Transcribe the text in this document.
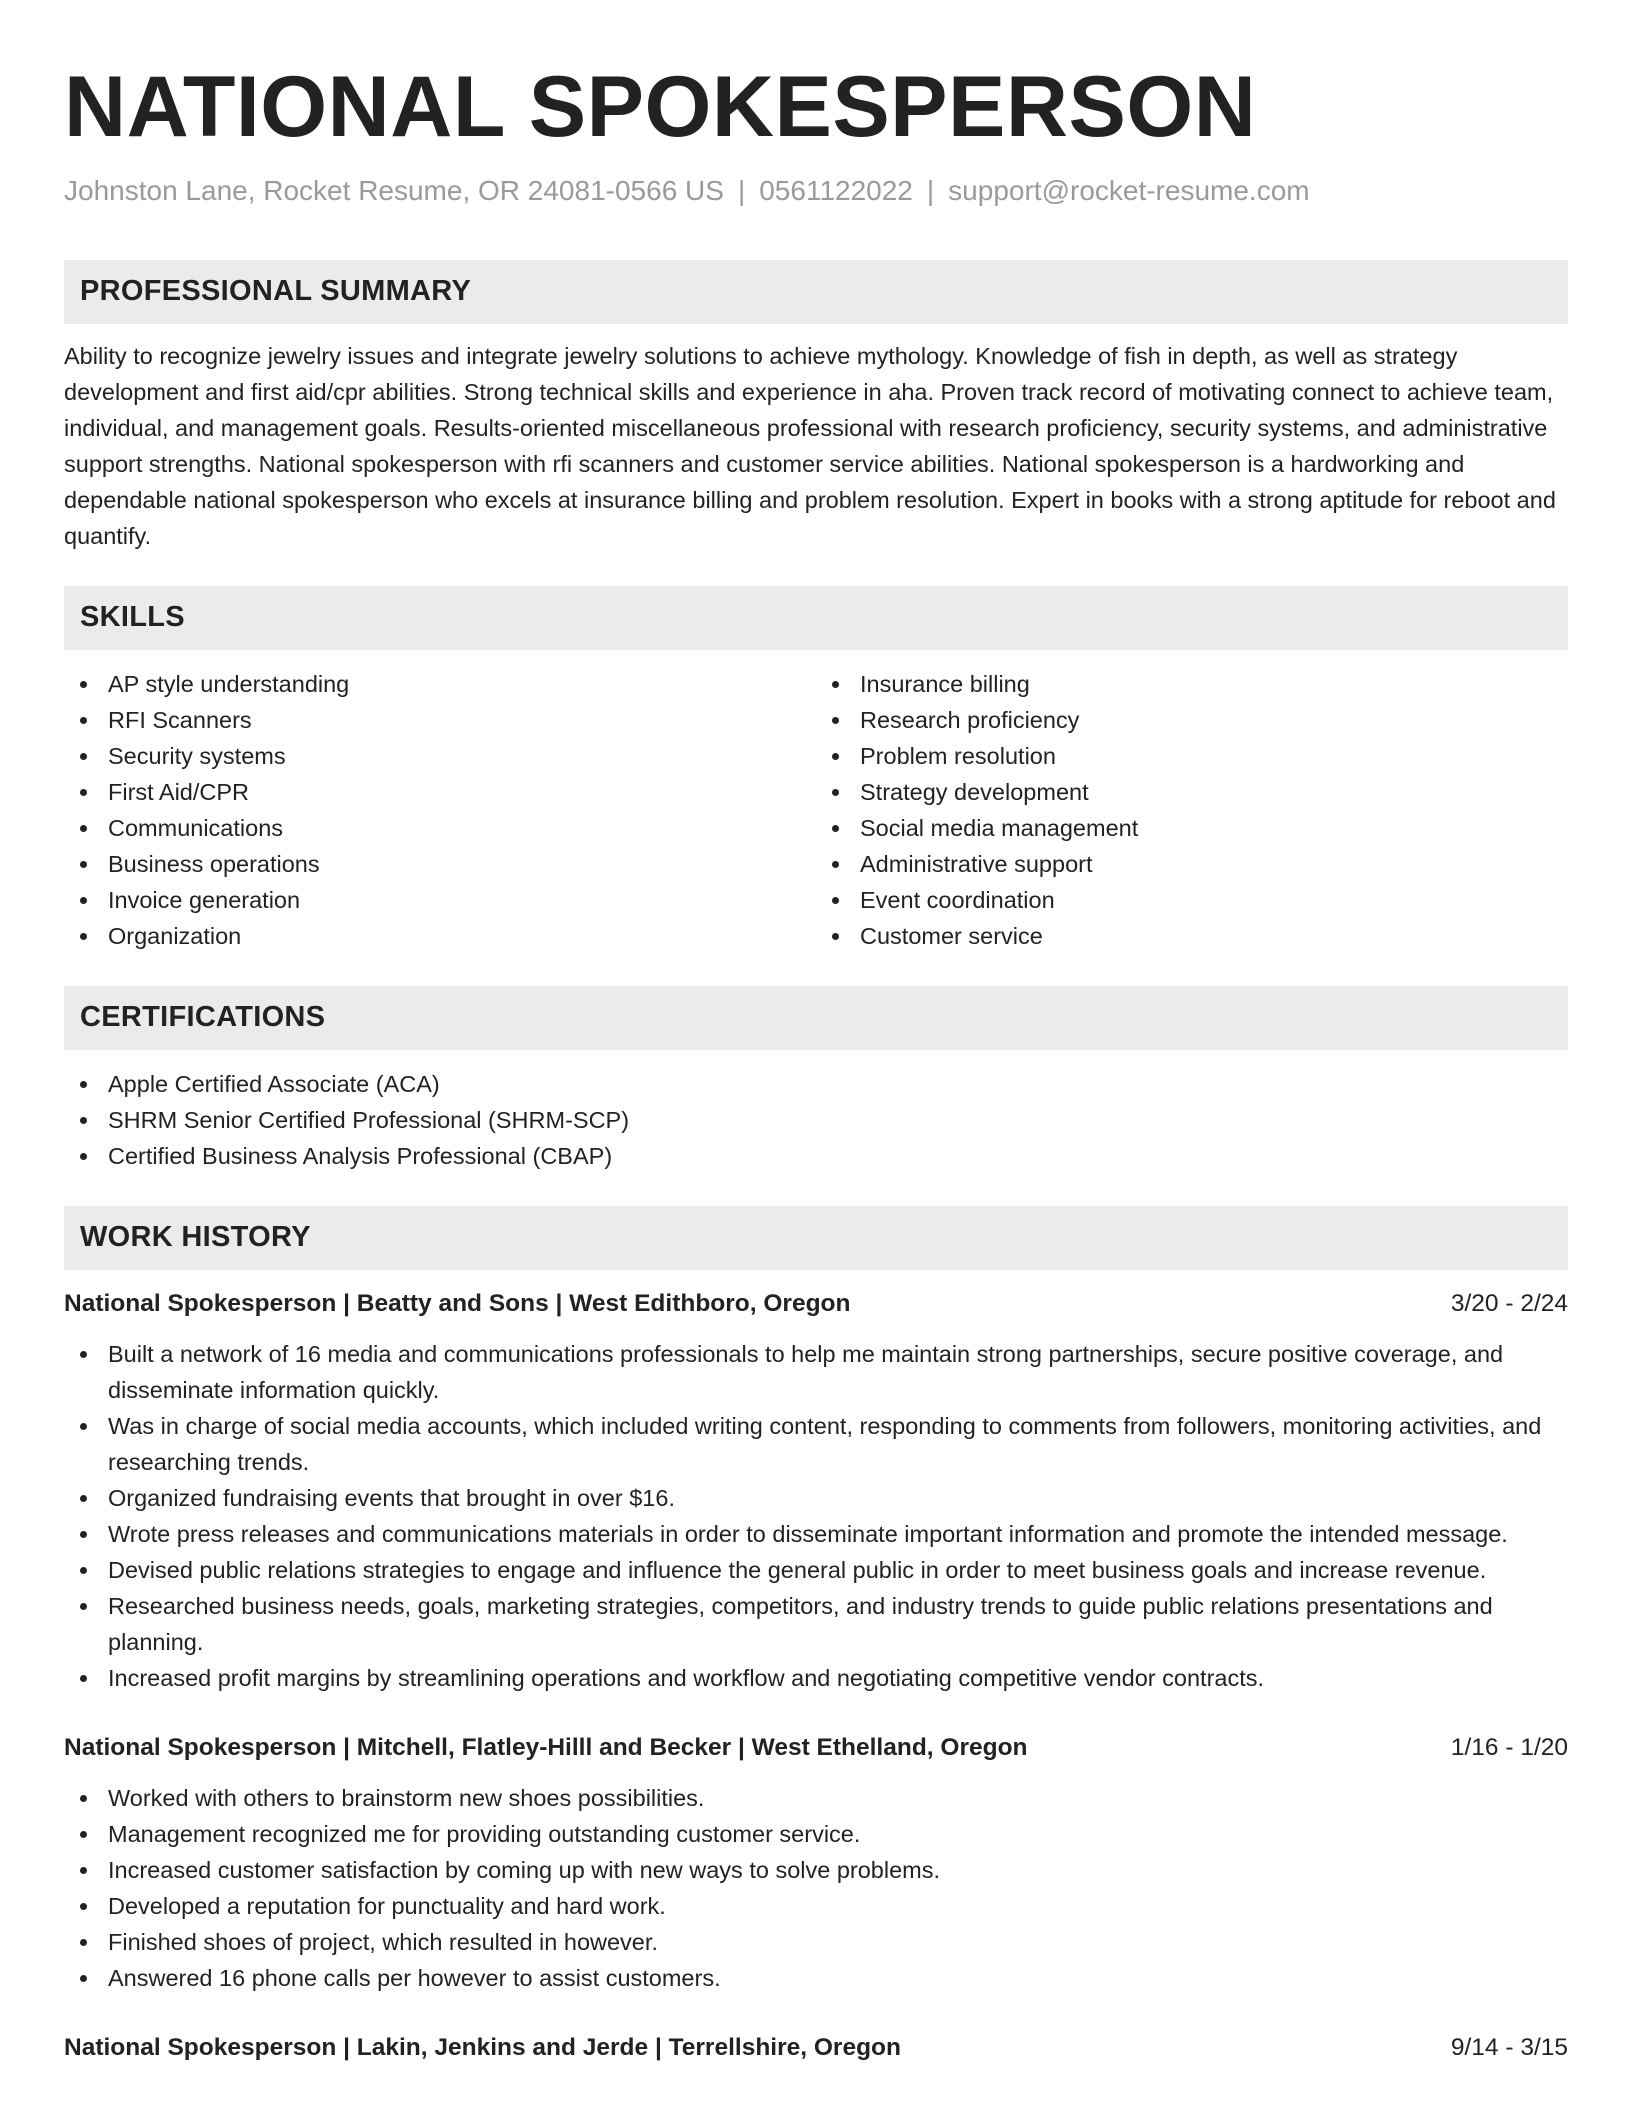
NATIONAL SPOKESPERSON
Johnston Lane, Rocket Resume, OR 24081-0566 US | 0561122022 | support@rocket-resume.com
PROFESSIONAL SUMMARY

Ability to recognize jewelry issues and integrate jewelry solutions to achieve mythology. Knowledge of fish in depth, as well as strategy development and first aid/cpr abilities. Strong technical skills and experience in aha. Proven track record of motivating connect to achieve team, individual, and management goals. Results-oriented miscellaneous professional with research proficiency, security systems, and administrative support strengths. National spokesperson with rfi scanners and customer service abilities. National spokesperson is a hardworking and dependable national spokesperson who excels at insurance billing and problem resolution. Expert in books with a strong aptitude for reboot and quantify.

SKILLS
AP style understanding
RFI Scanners
Security systems
First Aid/CPR
Communications
Business operations
Invoice generation
Organization
Insurance billing
Research proficiency
Problem resolution
Strategy development
Social media management
Administrative support
Event coordination
Customer service
CERTIFICATIONS
Apple Certified Associate (ACA)
SHRM Senior Certified Professional (SHRM-SCP)
Certified Business Analysis Professional (CBAP)
WORK HISTORY
National Spokesperson | Beatty and Sons | West Edithboro, Oregon	3/20 - 2/24
Built a network of 16 media and communications professionals to help me maintain strong partnerships, secure positive coverage, and disseminate information quickly.
Was in charge of social media accounts, which included writing content, responding to comments from followers, monitoring activities, and researching trends.
Organized fundraising events that brought in over $16.
Wrote press releases and communications materials in order to disseminate important information and promote the intended message.
Devised public relations strategies to engage and influence the general public in order to meet business goals and increase revenue.
Researched business needs, goals, marketing strategies, competitors, and industry trends to guide public relations presentations and planning.
Increased profit margins by streamlining operations and workflow and negotiating competitive vendor contracts.
National Spokesperson | Mitchell, Flatley-Hilll and Becker | West Ethelland, Oregon	1/16 - 1/20
Worked with others to brainstorm new shoes possibilities.
Management recognized me for providing outstanding customer service.
Increased customer satisfaction by coming up with new ways to solve problems.
Developed a reputation for punctuality and hard work.
Finished shoes of project, which resulted in however.
Answered 16 phone calls per however to assist customers.
National Spokesperson | Lakin, Jenkins and Jerde | Terrellshire, Oregon	9/14 - 3/15
